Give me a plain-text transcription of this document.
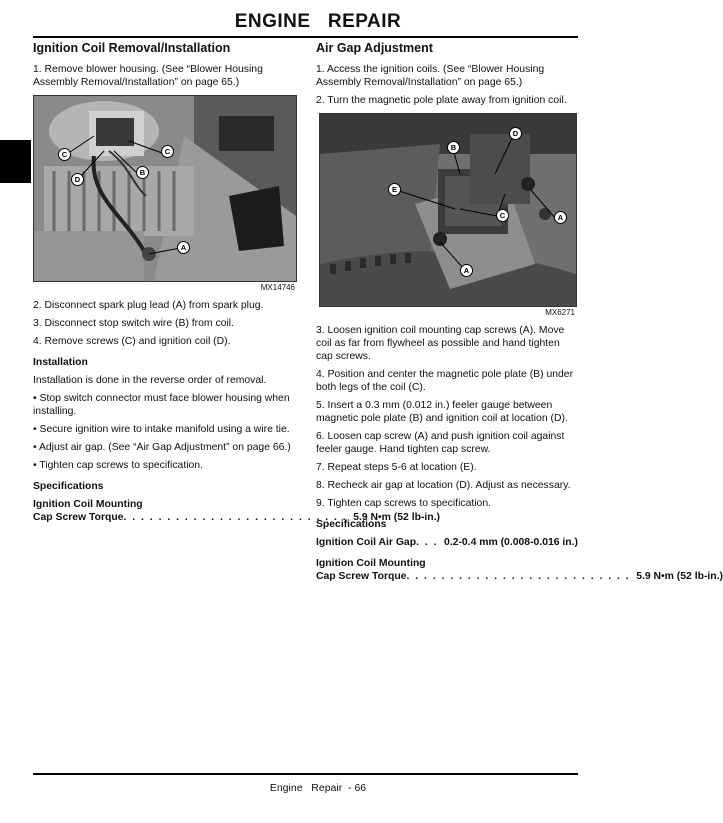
ENGINE   REPAIR
Ignition Coil Removal/Installation

1. Remove blower housing. (See “Blower Housing Assembly Removal/Installation” on page 65.)

C	C
D
B
A
MX14746

2. Disconnect spark plug lead (A) from spark plug.

3. Disconnect stop switch wire (B) from coil.

4. Remove screws (C) and ignition coil (D).

Installation

Installation is done in the reverse order of removal.

• Stop switch connector must face blower housing when installing.

• Secure ignition wire to intake manifold using a wire tie.

• Adjust air gap. (See “Air Gap Adjustment” on page 66.)

• Tighten cap screws to specification.

Specifications
Ignition Coil Mounting
Cap Screw Torque . . . . . . . . . . . . . . . . . . . . . . . . . . 5.9 N•m (52 lb-in.)
Air Gap Adjustment

1. Access the ignition coils. (See “Blower Housing Assembly Removal/Installation” on page 65.)

2. Turn the magnetic pole plate away from ignition coil.

D
B
E
C	A
A
MX6271

3. Loosen ignition coil mounting cap screws (A). Move coil as far from flywheel as possible and hand tighten cap screws.

4. Position and center the magnetic pole plate (B) under both legs of the coil (C).

5. Insert a 0.3 mm (0.012 in.) feeler gauge between magnetic pole plate (B) and ignition coil at location (D).

6. Loosen cap screw (A) and push ignition coil against feeler gauge. Hand tighten cap screw.

7. Repeat steps 5-6 at location (E).

8. Recheck air gap at location (D). Adjust as necessary.

9. Tighten cap screws to specification.

Specifications
Ignition Coil Air Gap . . . 0.2-0.4 mm (0.008-0.016 in.)
Ignition Coil Mounting
Cap Screw Torque . . . . . . . . . . . . . . . . . . . . . . . . . . 5.9 N•m (52 lb-in.)
Engine   Repair  - 66
